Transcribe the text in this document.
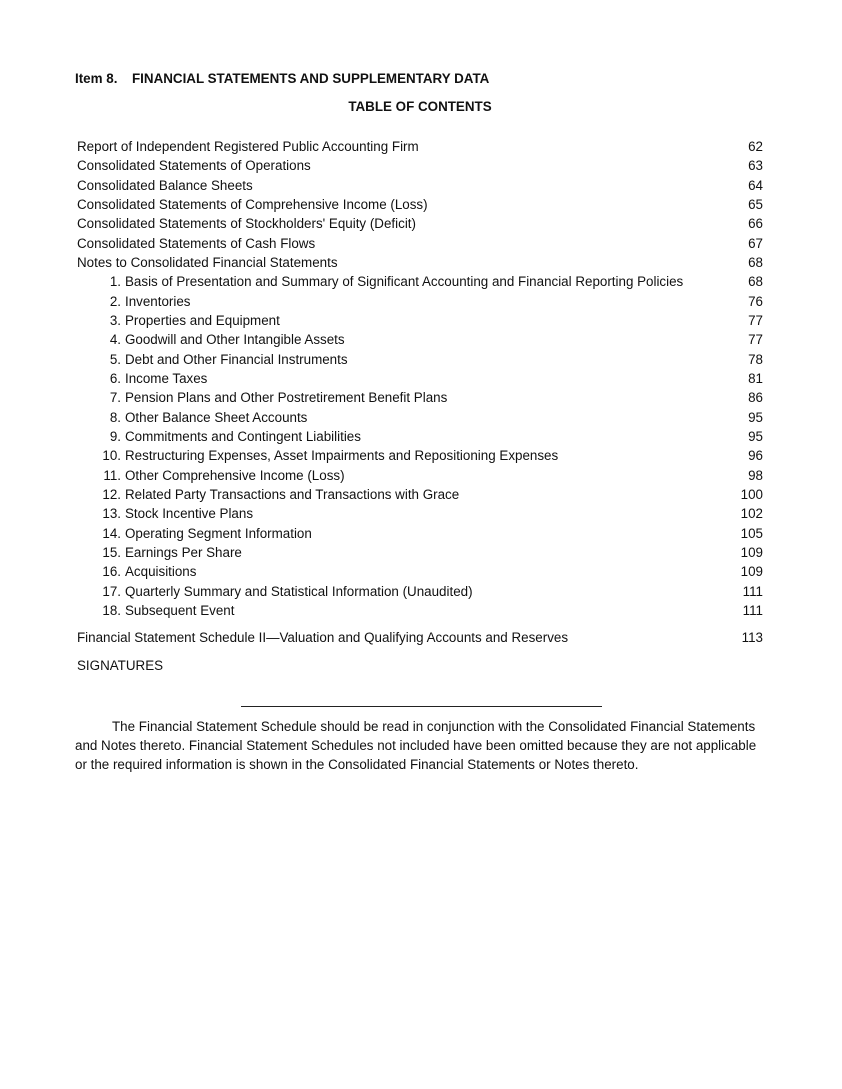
Item 8. FINANCIAL STATEMENTS AND SUPPLEMENTARY DATA
TABLE OF CONTENTS
Report of Independent Registered Public Accounting Firm	62
Consolidated Statements of Operations	63
Consolidated Balance Sheets	64
Consolidated Statements of Comprehensive Income (Loss)	65
Consolidated Statements of Stockholders' Equity (Deficit)	66
Consolidated Statements of Cash Flows	67
Notes to Consolidated Financial Statements	68
1. Basis of Presentation and Summary of Significant Accounting and Financial Reporting Policies	68
2. Inventories	76
3. Properties and Equipment	77
4. Goodwill and Other Intangible Assets	77
5. Debt and Other Financial Instruments	78
6. Income Taxes	81
7. Pension Plans and Other Postretirement Benefit Plans	86
8. Other Balance Sheet Accounts	95
9. Commitments and Contingent Liabilities	95
10. Restructuring Expenses, Asset Impairments and Repositioning Expenses	96
11. Other Comprehensive Income (Loss)	98
12. Related Party Transactions and Transactions with Grace	100
13. Stock Incentive Plans	102
14. Operating Segment Information	105
15. Earnings Per Share	109
16. Acquisitions	109
17. Quarterly Summary and Statistical Information (Unaudited)	111
18. Subsequent Event	111
Financial Statement Schedule II—Valuation and Qualifying Accounts and Reserves	113
SIGNATURES
The Financial Statement Schedule should be read in conjunction with the Consolidated Financial Statements and Notes thereto. Financial Statement Schedules not included have been omitted because they are not applicable or the required information is shown in the Consolidated Financial Statements or Notes thereto.
